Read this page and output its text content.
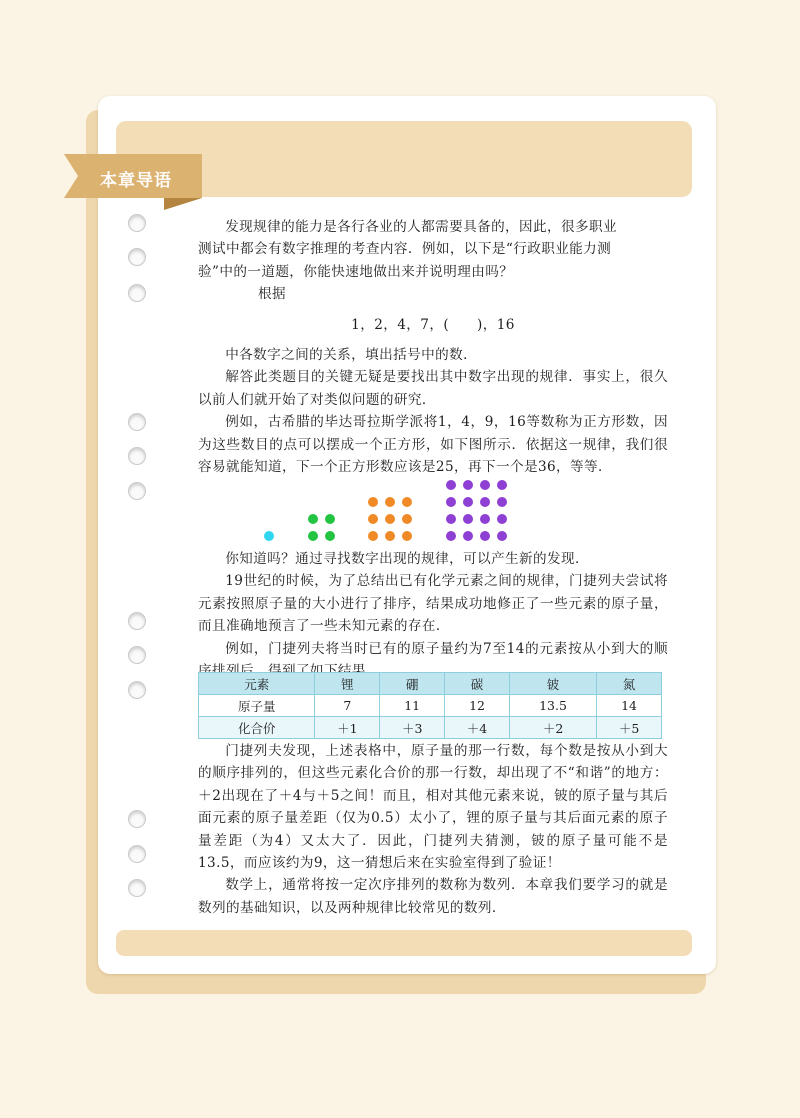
本章导语

发现规律的能力是各行各业的人都需要具备的，因此，很多职业

测试中都会有数字推理的考查内容．例如，以下是“行政职业能力测
验”中的一道题，你能快速地做出来并说明理由吗？
根据
1，2，4，7，(　　)，16

中各数字之间的关系，填出括号中的数．

解答此类题目的关键无疑是要找出其中数字出现的规律．事实上，很久以前人们就开始了对类似问题的研究．

例如，古希腊的毕达哥拉斯学派将1，4，9，16等数称为正方形数，因为这些数目的点可以摆成一个正方形，如下图所示．依据这一规律，我们很容易就能知道，下一个正方形数应该是25，再下一个是36，等等．

你知道吗？通过寻找数字出现的规律，可以产生新的发现．

19世纪的时候，为了总结出已有化学元素之间的规律，门捷列夫尝试将元素按照原子量的大小进行了排序，结果成功地修正了一些元素的原子量，而且准确地预言了一些未知元素的存在．

例如，门捷列夫将当时已有的原子量约为7至14的元素按从小到大的顺序排列后，得到了如下结果．

元素	锂	硼	碳	铍	氮
原子量	7	11	12	13.5	14
化合价	＋1	＋3	＋4	＋2	＋5

门捷列夫发现，上述表格中，原子量的那一行数，每个数是按从小到大的顺序排列的，但这些元素化合价的那一行数，却出现了不“和谐”的地方：＋2出现在了＋4与＋5之间！而且，相对其他元素来说，铍的原子量与其后面元素的原子量差距（仅为0.5）太小了，锂的原子量与其后面元素的原子量差距（为4）又太大了．因此，门捷列夫猜测，铍的原子量可能不是13.5，而应该约为9，这一猜想后来在实验室得到了验证！

数学上，通常将按一定次序排列的数称为数列．本章我们要学习的就是数列的基础知识，以及两种规律比较常见的数列．
